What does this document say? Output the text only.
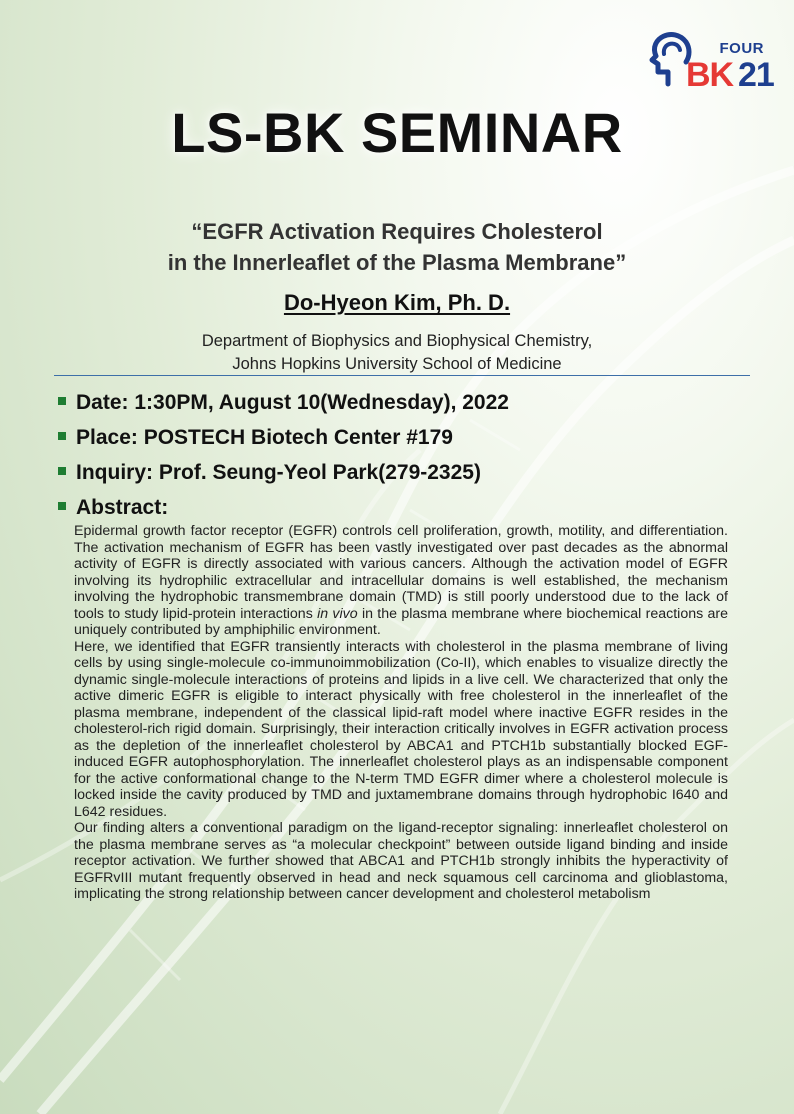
FOUR
BK 21
LS-BK SEMINAR
“EGFR Activation Requires Cholesterol
in the Innerleaflet of the Plasma Membrane”
Do-Hyeon Kim, Ph. D.
Department of Biophysics and Biophysical Chemistry,
Johns Hopkins University School of Medicine
Date: 1:30PM, August 10(Wednesday), 2022
Place: POSTECH Biotech Center #179
Inquiry: Prof. Seung-Yeol Park(279-2325)
Abstract:

Epidermal growth factor receptor (EGFR) controls cell proliferation, growth, motility, and differentiation. The activation mechanism of EGFR has been vastly investigated over past decades as the abnormal activity of EGFR is directly associated with various cancers. Although the activation model of EGFR involving its hydrophilic extracellular and intracellular domains is well established, the mechanism involving the hydrophobic transmembrane domain (TMD) is still poorly understood due to the lack of tools to study lipid-protein interactions in vivo in the plasma membrane where biochemical reactions are uniquely contributed by amphiphilic environment.

Here, we identified that EGFR transiently interacts with cholesterol in the plasma membrane of living cells by using single-molecule co-immunoimmobilization (Co-II), which enables to visualize directly the dynamic single-molecule interactions of proteins and lipids in a live cell. We characterized that only the active dimeric EGFR is eligible to interact physically with free cholesterol in the innerleaflet of the plasma membrane, independent of the classical lipid-raft model where inactive EGFR resides in the cholesterol-rich rigid domain. Surprisingly, their interaction critically involves in EGFR activation process as the depletion of the innerleaflet cholesterol by ABCA1 and PTCH1b substantially blocked EGF-induced EGFR autophosphorylation. The innerleaflet cholesterol plays as an indispensable component for the active conformational change to the N-term TMD EGFR dimer where a cholesterol molecule is locked inside the cavity produced by TMD and juxtamembrane domains through hydrophobic I640 and L642 residues.

Our finding alters a conventional paradigm on the ligand-receptor signaling: innerleaflet cholesterol on the plasma membrane serves as “a molecular checkpoint” between outside ligand binding and inside receptor activation. We further showed that ABCA1 and PTCH1b strongly inhibits the hyperactivity of EGFRvIII mutant frequently observed in head and neck squamous cell carcinoma and glioblastoma, implicating the strong relationship between cancer development and cholesterol metabolism
